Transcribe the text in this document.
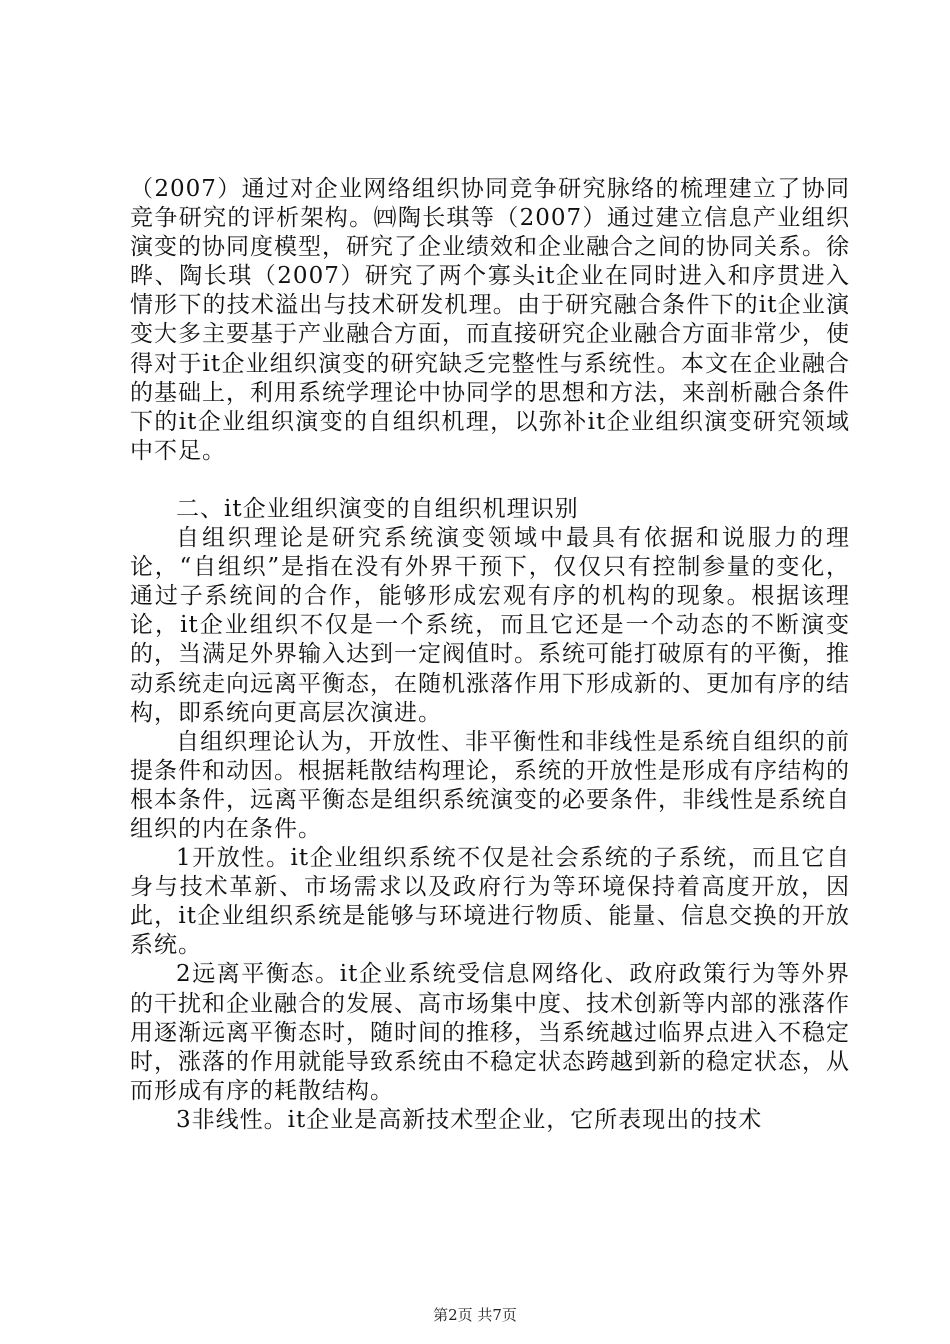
（2007）通过对企业网络组织协同竞争研究脉络的梳理建立了协同竞争研究的评析架构。㈣陶长琪等（2007）通过建立信息产业组织演变的协同度模型，研究了企业绩效和企业融合之间的协同关系。徐晔、陶长琪（2007）研究了两个寡头it企业在同时进入和序贯进入情形下的技术溢出与技术研发机理。由于研究融合条件下的it企业演变大多主要基于产业融合方面，而直接研究企业融合方面非常少，使得对于it企业组织演变的研究缺乏完整性与系统性。本文在企业融合的基础上，利用系统学理论中协同学的思想和方法，来剖析融合条件下的it企业组织演变的自组织机理，以弥补it企业组织演变研究领域中不足。

二、it企业组织演变的自组织机理识别

自组织理论是研究系统演变领域中最具有依据和说服力的理论，“自组织”是指在没有外界干预下，仅仅只有控制参量的变化，通过子系统间的合作，能够形成宏观有序的机构的现象。根据该理论，it企业组织不仅是一个系统，而且它还是一个动态的不断演变的，当满足外界输入达到一定阀值时。系统可能打破原有的平衡，推动系统走向远离平衡态，在随机涨落作用下形成新的、更加有序的结构，即系统向更高层次演进。

自组织理论认为，开放性、非平衡性和非线性是系统自组织的前提条件和动因。根据耗散结构理论，系统的开放性是形成有序结构的根本条件，远离平衡态是组织系统演变的必要条件，非线性是系统自组织的内在条件。

1开放性。it企业组织系统不仅是社会系统的子系统，而且它自身与技术革新、市场需求以及政府行为等环境保持着高度开放，因此，it企业组织系统是能够与环境进行物质、能量、信息交换的开放系统。

2远离平衡态。it企业系统受信息网络化、政府政策行为等外界的干扰和企业融合的发展、高市场集中度、技术创新等内部的涨落作用逐渐远离平衡态时，随时间的推移，当系统越过临界点进入不稳定时，涨落的作用就能导致系统由不稳定状态跨越到新的稳定状态，从而形成有序的耗散结构。

3非线性。it企业是高新技术型企业，它所表现出的技术

第2页 共7页
